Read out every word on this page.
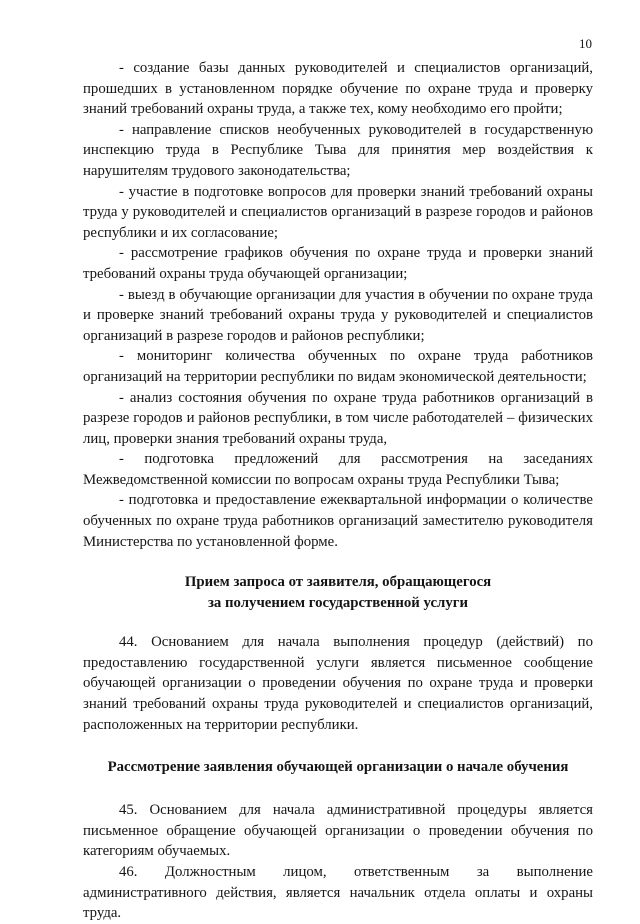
10

- создание базы данных руководителей и специалистов организаций, прошедших в установленном порядке обучение по охране труда и проверку знаний требований охраны труда, а также тех, кому необходимо его пройти;

- направление списков необученных руководителей в государственную инспекцию труда в Республике Тыва для принятия мер воздействия к нарушителям трудового законодательства;

- участие в подготовке вопросов для проверки знаний требований охраны труда у руководителей и специалистов организаций в разрезе городов и районов республики и их согласование;

- рассмотрение графиков обучения по охране труда и проверки знаний требований охраны труда обучающей организации;

- выезд в обучающие организации для участия в обучении по охране труда и проверке знаний требований охраны труда у руководителей и специалистов организаций в разрезе городов и районов республики;

- мониторинг количества обученных по охране труда работников организаций на территории республики по видам экономической деятельности;

- анализ состояния обучения по охране труда работников организаций в разрезе городов и районов республики, в том числе работодателей – физических лиц, проверки знания требований охраны труда,

- подготовка предложений для рассмотрения на заседаниях Межведомственной комиссии по вопросам охраны труда Республики Тыва;

- подготовка и предоставление ежеквартальной информации о количестве обученных по охране труда работников организаций заместителю руководителя Министерства по установленной форме.

Прием запроса от заявителя, обращающегося

за получением государственной услуги

44. Основанием для начала выполнения процедур (действий) по предоставлению государственной услуги является письменное сообщение обучающей организации о проведении обучения по охране труда и проверки знаний требований охраны труда руководителей и специалистов организаций, расположенных на территории республики.

Рассмотрение заявления обучающей организации о начале обучения

45. Основанием для начала административной процедуры является письменное обращение обучающей организации о проведении обучения по категориям обучаемых.

46. Должностным лицом, ответственным за выполнение административного действия, является начальник отдела оплаты и охраны труда.
